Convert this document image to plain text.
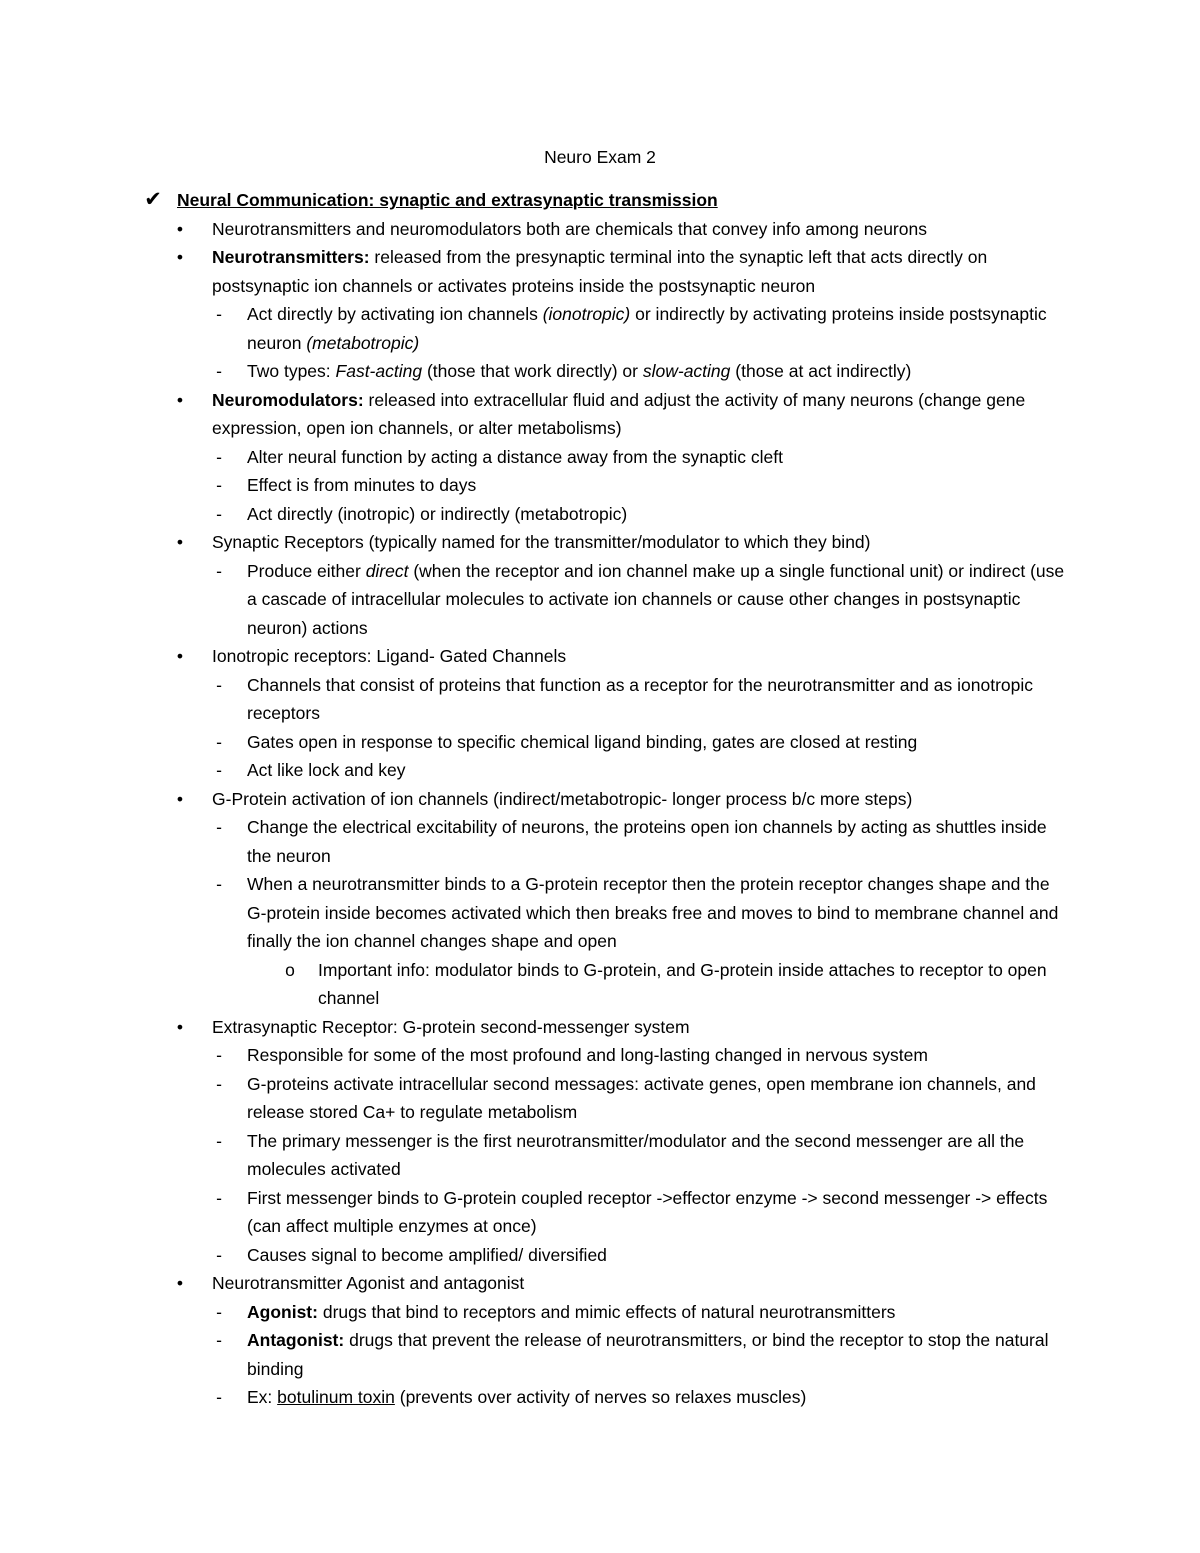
Neuro Exam 2
✔ Neural Communication: synaptic and extrasynaptic transmission
•	Neurotransmitters and neuromodulators both are chemicals that convey info among neurons
•	Neurotransmitters: released from the presynaptic terminal into the synaptic left that acts directly on postsynaptic ion channels or activates proteins inside the postsynaptic neuron
- Act directly by activating ion channels (ionotropic) or indirectly by activating proteins inside postsynaptic neuron (metabotropic)
- Two types: Fast-acting (those that work directly) or slow-acting (those at act indirectly)
•	Neuromodulators: released into extracellular fluid and adjust the activity of many neurons (change gene expression, open ion channels, or alter metabolisms)
- Alter neural function by acting a distance away from the synaptic cleft
- Effect is from minutes to days
- Act directly (inotropic) or indirectly (metabotropic)
•	Synaptic Receptors (typically named for the transmitter/modulator to which they bind)
- Produce either direct (when the receptor and ion channel make up a single functional unit) or indirect (use a cascade of intracellular molecules to activate ion channels or cause other changes in postsynaptic neuron) actions
•	Ionotropic receptors: Ligand- Gated Channels
- Channels that consist of proteins that function as a receptor for the neurotransmitter and as ionotropic receptors
- Gates open in response to specific chemical ligand binding, gates are closed at resting
- Act like lock and key
•	G-Protein activation of ion channels (indirect/metabotropic- longer process b/c more steps)
- Change the electrical excitability of neurons, the proteins open ion channels by acting as shuttles inside the neuron
- When a neurotransmitter binds to a G-protein receptor then the protein receptor changes shape and the G-protein inside becomes activated which then breaks free and moves to bind to membrane channel and finally the ion channel changes shape and open
o Important info: modulator binds to G-protein, and G-protein inside attaches to receptor to open channel
•	Extrasynaptic Receptor: G-protein second-messenger system
- Responsible for some of the most profound and long-lasting changed in nervous system
- G-proteins activate intracellular second messages: activate genes, open membrane ion channels, and release stored Ca+ to regulate metabolism
- The primary messenger is the first neurotransmitter/modulator and the second messenger are all the molecules activated
- First messenger binds to G-protein coupled receptor ->effector enzyme -> second messenger -> effects (can affect multiple enzymes at once)
- Causes signal to become amplified/ diversified
•	Neurotransmitter Agonist and antagonist
- Agonist: drugs that bind to receptors and mimic effects of natural neurotransmitters
- Antagonist: drugs that prevent the release of neurotransmitters, or bind the receptor to stop the natural binding
- Ex: botulinum toxin (prevents over activity of nerves so relaxes muscles)
